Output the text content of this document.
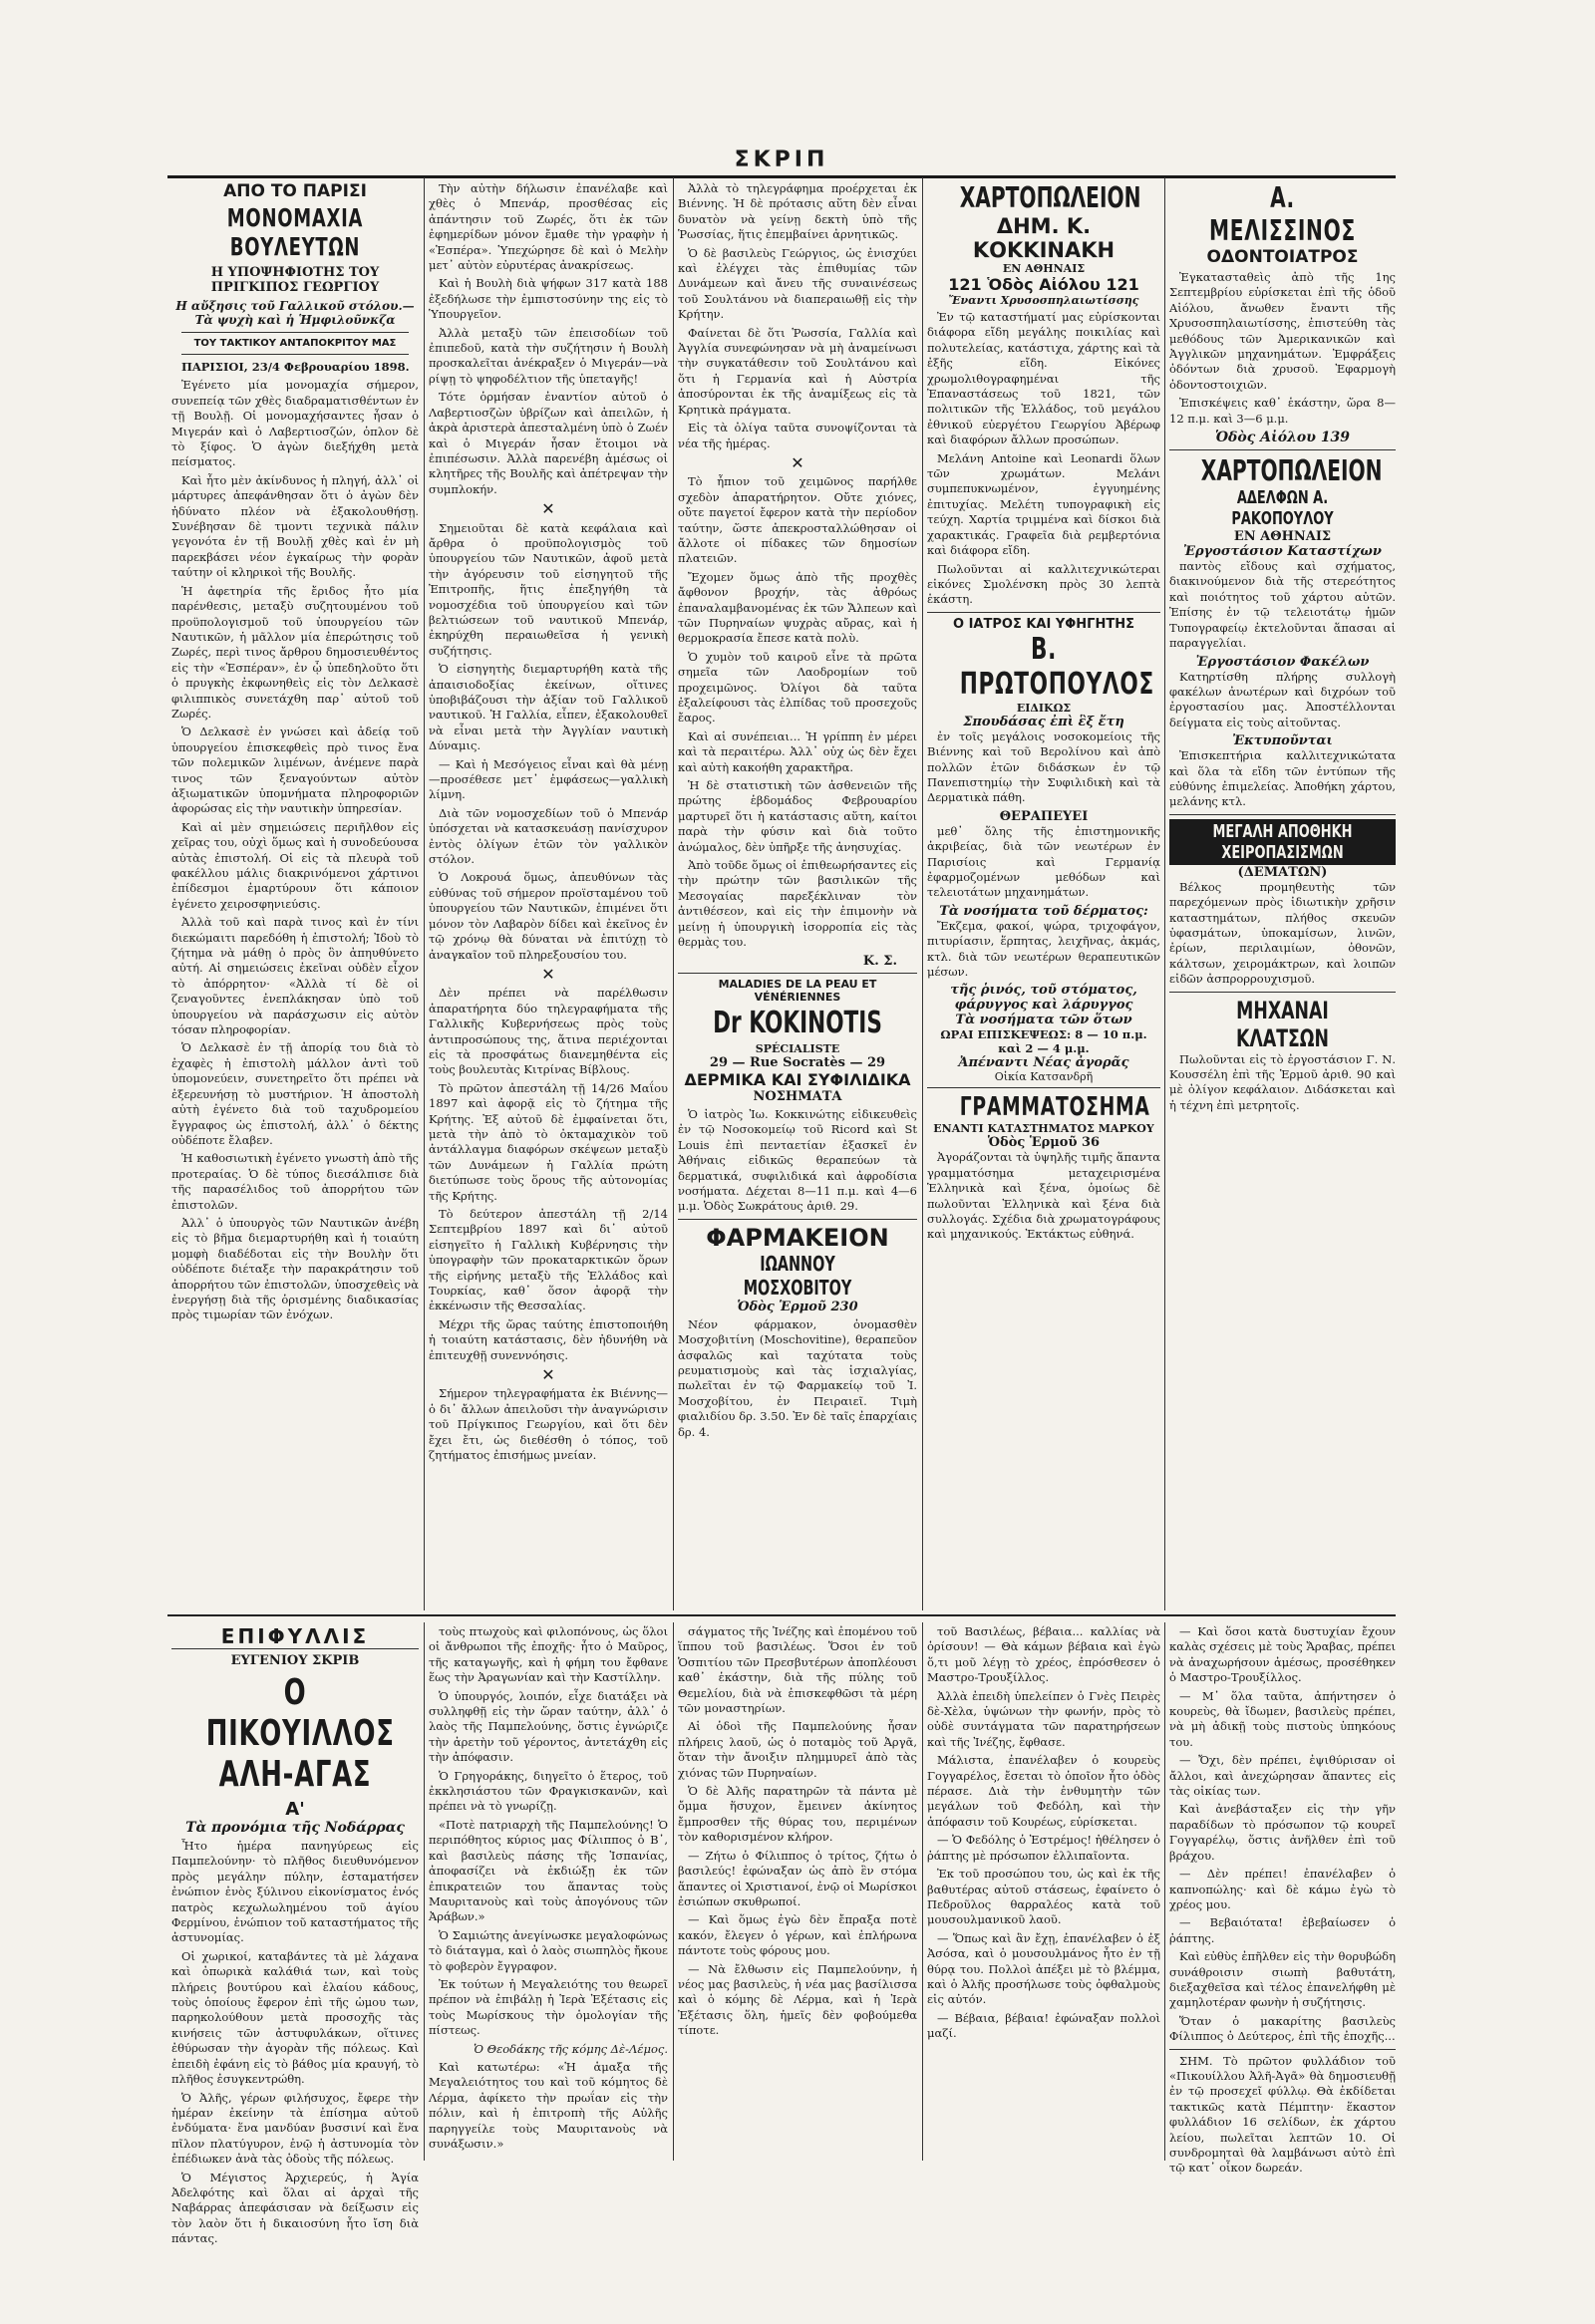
ΣΚΡΙΠ
ΑΠΟ ΤΟ ΠΑΡΙΣΙ
ΜΟΝΟΜΑΧΙΑ ΒΟΥΛΕΥΤΩΝ
Η ΥΠΟΨΗΦΙΟΤΗΣ ΤΟΥ ΠΡΙΓΚΙΠΟΣ ΓΕΩΡΓΙΟΥ
Η αὔξησις τοῦ Γαλλικοῦ στόλου.—Τὰ ψυχὴ καὶ ἡ Ἡμφιλοῦνκζα
ΤΟΥ ΤΑΚΤΙΚΟΥ ΑΝΤΑΠΟΚΡΙΤΟΥ ΜΑΣ

ΠΑΡΙΣΙΟΙ, 23/4 Φεβρουαρίου 1898.

Ἐγένετο μία μονομαχία σήμερον, συνεπείᾳ τῶν χθὲς διαδραματισθέντων ἐν τῇ Βουλῇ. Οἱ μονομαχήσαντες ἦσαν ὁ Μιγεράν καὶ ὁ Λαβερτιοσζών, ὁπλον δὲ τὸ ξίφος. Ὁ ἀγὼν διεξήχθη μετὰ πείσματος.

Καὶ ἦτο μὲν ἀκίνδυνος ἡ πληγή, ἀλλ᾽ οἱ μάρτυρες ἀπεφάνθησαν ὅτι ὁ ἀγὼν δὲν ἠδύνατο πλέον νὰ ἐξακολουθήσῃ. Συνέβησαν δὲ τμοντι τεχνικὰ πάλιν γεγονότα ἐν τῇ Βουλῇ χθὲς καὶ ἐν μὴ παρεκβάσει νέον ἐγκαίρως τὴν φορὰν ταύτην οἱ κληρικοὶ τῆς Βουλῆς.

Ἡ ἀφετηρία τῆς ἔριδος ἦτο μία παρένθεσις, μεταξὺ συζητουμένου τοῦ προϋπολογισμοῦ τοῦ ὑπουργείου τῶν Ναυτικῶν, ἡ μᾶλλον μία ἐπερώτησις τοῦ Ζωρές, περὶ τινος ἄρθρου δημοσιευθέντος εἰς τὴν «Ἑσπέραν», ἐν ᾧ ὑπεδηλοῦτο ὅτι ὁ πρυγκὴς ἐκφωνηθεὶς εἰς τὸν Δελκασὲ φιλιππικὸς συνετάχθη παρ᾽ αὐτοῦ τοῦ Ζωρές.

Ὁ Δελκασὲ ἐν γνώσει καὶ ἀδείᾳ τοῦ ὑπουργείου ἐπισκεφθεὶς πρὸ τινος ἔνα τῶν πολεμικῶν λιμένων, ἀνέμενε παρὰ τινος τῶν ξεναγούντων αὐτὸν ἀξιωματικῶν ὑπομνήματα πληροφοριῶν ἀφορώσας εἰς τὴν ναυτικὴν ὑπηρεσίαν.

Καὶ αἱ μὲν σημειώσεις περιῆλθον εἰς χεῖρας του, οὐχὶ ὅμως καὶ ἡ συνοδεύουσα αὐτὰς ἐπιστολή. Οἱ εἰς τὰ πλευρὰ τοῦ φακέλλου μάλις διακρινόμενοι χάρτινοι ἐπίδεσμοι ἐμαρτύρουν ὅτι κάποιον ἐγένετο χειροσφηνιεύσις.

Ἀλλὰ τοῦ καὶ παρὰ τινος καὶ ἐν τίνι διεκώμαιτι παρεδόθη ἡ ἐπιστολή; Ἰδοὺ τὸ ζήτημα νὰ μάθῃ ὁ πρὸς ὃν ἀπηυθύνετο αὐτή. Αἱ σημειώσεις ἐκεῖναι οὐδὲν εἶχον τὸ ἀπόρρητον· «Ἀλλὰ τί δὲ οἱ ζεναγοῦντες ἐνεπλάκησαν ὑπὸ τοῦ ὑπουργείου νὰ παράσχωσιν εἰς αὐτὸν τόσαν πληροφορίαν.

Ὁ Δελκασὲ ἐν τῇ ἀπορίᾳ του διὰ τὸ ἐχαφὲς ἡ ἐπιστολὴ μάλλον ἀντὶ τοῦ ὑπομονεύειν, συνετηρεῖτο ὅτι πρέπει νὰ ἐξερευνήσῃ τὸ μυστήριον. Ἡ ἀποστολὴ αὐτὴ ἐγένετο διὰ τοῦ ταχυδρομείου ἔγγραφος ὡς ἐπιστολή, ἀλλ᾽ ὁ δέκτης οὐδέποτε ἔλαβεν.

Ἡ καθοσιωτικὴ ἐγένετο γνωστὴ ἀπὸ τῆς προτεραίας. Ὁ δὲ τύπος διεσάλπισε διὰ τῆς παρασέλιδος τοῦ ἀπορρήτου τῶν ἐπιστολῶν.

Ἀλλ᾽ ὁ ὑπουργὸς τῶν Ναυτικῶν ἀνέβη εἰς τὸ βῆμα διεμαρτυρήθη καὶ ἡ τοιαύτη μομφὴ διαδέδοται εἰς τὴν Βουλὴν ὅτι οὐδέποτε διέταξε τὴν παρακράτησιν τοῦ ἀπορρήτου τῶν ἐπιστολῶν, ὑποσχεθεὶς νὰ ἐνεργήσῃ διὰ τῆς ὁρισμένης διαδικασίας πρὸς τιμωρίαν τῶν ἐνόχων.

Τὴν αὐτὴν δήλωσιν ἐπανέλαβε καὶ χθὲς ὁ Μπενάρ, προσθέσας εἰς ἀπάντησιν τοῦ Ζωρές, ὅτι ἐκ τῶν ἐφημερίδων μόνον ἔμαθε τὴν γραφὴν ἡ «Ἑσπέρα». Ὑπεχώρησε δὲ καὶ ὁ Μελὴν μετ᾽ αὐτὸν εὐρυτέρας ἀνακρίσεως.

Καὶ ἡ Βουλὴ διὰ ψήφων 317 κατὰ 188 ἐξεδήλωσε τὴν ἐμπιστοσύνην της εἰς τὸ Ὑπουργεῖον.

Ἀλλὰ μεταξὺ τῶν ἐπεισοδίων τοῦ ἐπιπεδοῦ, κατὰ τὴν συζήτησιν ἡ Βουλὴ προσκαλεῖται ἀνέκραξεν ὁ Μιγεράν—νὰ ρίψῃ τὸ ψηφοδέλτιον τῆς ὑπεταγῆς!

Τότε ὁρμήσαν ἐναντίον αὐτοῦ ὁ Λαβερτιοσζὼν ὑβρίζων καὶ ἀπειλῶν, ἡ ἀκρὰ ἀριστερὰ ἀπεσταλμένη ὑπὸ ὁ Ζωέν καὶ ὁ Μιγεράν ἦσαν ἕτοιμοι νὰ ἐπιπέσωσιν. Ἀλλὰ παρενέβη ἀμέσως οἱ κλητῆρες τῆς Βουλῆς καὶ ἀπέτρεψαν τὴν συμπλοκήν.

✕

Σημειοῦται δὲ κατὰ κεφάλαια καὶ ἄρθρα ὁ προϋπολογισμὸς τοῦ ὑπουργείου τῶν Ναυτικῶν, ἀφοῦ μετὰ τὴν ἀγόρευσιν τοῦ εἰσηγητοῦ τῆς Ἐπιτροπῆς, ἥτις ἐπεξηγήθη τὰ νομοσχέδια τοῦ ὑπουργείου καὶ τῶν βελτιώσεων τοῦ ναυτικοῦ Μπενάρ, ἐκηρύχθη περαιωθεῖσα ἡ γενικὴ συζήτησις.

Ὁ εἰσηγητὴς διεμαρτυρήθη κατὰ τῆς ἀπαισιοδοξίας ἐκείνων, οἵτινες ὑποβιβάζουσι τὴν ἀξίαν τοῦ Γαλλικοῦ ναυτικοῦ. Ἡ Γαλλία, εἶπεν, ἐξακολουθεῖ νὰ εἶναι μετὰ τὴν Ἀγγλίαν ναυτικὴ Δύναμις.

— Καὶ ἡ Μεσόγειος εἶναι καὶ θὰ μένῃ—προσέθεσε μετ᾽ ἐμφάσεως—γαλλικὴ λίμνη.

Διὰ τῶν νομοσχεδίων τοῦ ὁ Μπενάρ ὑπόσχεται νὰ κατασκευάσῃ πανίσχυρον ἐντὸς ὀλίγων ἐτῶν τὸν γαλλικὸν στόλον.

Ὁ Λοκρουά ὅμως, ἀπευθύνων τὰς εὐθύνας τοῦ σήμερον προϊσταμένου τοῦ ὑπουργείου τῶν Ναυτικῶν, ἐπιμένει ὅτι μόνον τὸν Λαβαρὸν δίδει καὶ ἐκεῖνος ἐν τῷ χρόνῳ θὰ δύναται νὰ ἐπιτύχῃ τὸ ἀναγκαῖον τοῦ πληρεξουσίου του.

✕

Δὲν πρέπει νὰ παρέλθωσιν ἀπαρατήρητα δύο τηλεγραφήματα τῆς Γαλλικῆς Κυβερνήσεως πρὸς τοὺς ἀντιπροσώπους της, ἅτινα περιέχονται εἰς τὰ προσφάτως διανεμηθέντα εἰς τοὺς βουλευτὰς Κιτρίνας Βίβλους.

Τὸ πρῶτον ἀπεστάλη τῇ 14/26 Μαΐου 1897 καὶ ἀφορᾷ εἰς τὸ ζήτημα τῆς Κρήτης. Ἐξ αὐτοῦ δὲ ἐμφαίνεται ὅτι, μετὰ τὴν ἀπὸ τὸ ὀκταμαχικὸν τοῦ ἀντάλλαγμα διαφόρων σκέψεων μεταξὺ τῶν Δυνάμεων ἡ Γαλλία πρώτη διετύπωσε τοὺς ὅρους τῆς αὐτονομίας τῆς Κρήτης.

Τὸ δεύτερον ἀπεστάλη τῇ 2/14 Σεπτεμβρίου 1897 καὶ δι᾽ αὐτοῦ εἰσηγεῖτο ἡ Γαλλικὴ Κυβέρνησις τὴν ὑπογραφὴν τῶν προκαταρκτικῶν ὅρων τῆς εἰρήνης μεταξὺ τῆς Ἑλλάδος καὶ Τουρκίας, καθ᾽ ὅσον ἀφορᾷ τὴν ἐκκένωσιν τῆς Θεσσαλίας.

Μέχρι τῆς ὥρας ταύτης ἐπιστοποιήθη ἡ τοιαύτη κατάστασις, δὲν ἠδυνήθη νὰ ἐπιτευχθῇ συνεννόησις.

✕

Σήμερον τηλεγραφήματα ἐκ Βιέννης—ὁ δι᾽ ἄλλων ἀπειλοῦσι τὴν ἀναγνώρισιν τοῦ Πρίγκιπος Γεωργίου, καὶ ὅτι δὲν ἔχει ἔτι, ὡς διεθέσθη ὁ τόπος, τοῦ ζητήματος ἐπισήμως μνείαν.

Ἀλλὰ τὸ τηλεγράφημα προέρχεται ἐκ Βιέννης. Ἡ δὲ πρότασις αὕτη δὲν εἶναι δυνατὸν νὰ γείνῃ δεκτὴ ὑπὸ τῆς Ῥωσσίας, ἥτις ἐπεμβαίνει ἀρνητικῶς.

Ὁ δὲ βασιλεὺς Γεώργιος, ὡς ἐνισχύει καὶ ἐλέγχει τὰς ἐπιθυμίας τῶν Δυνάμεων καὶ ἄνευ τῆς συναινέσεως τοῦ Σουλτάνου νὰ διαπεραιωθῇ εἰς τὴν Κρήτην.

Φαίνεται δὲ ὅτι Ῥωσσία, Γαλλία καὶ Ἀγγλία συνεφώνησαν νὰ μὴ ἀναμείνωσι τὴν συγκατάθεσιν τοῦ Σουλτάνου καὶ ὅτι ἡ Γερμανία καὶ ἡ Αὐστρία ἀποσύρονται ἐκ τῆς ἀναμίξεως εἰς τὰ Κρητικὰ πράγματα.

Εἰς τὰ ὀλίγα ταῦτα συνοψίζονται τὰ νέα τῆς ἡμέρας.

✕

Τὸ ἦπιον τοῦ χειμῶνος παρήλθε σχεδὸν ἀπαρατήρητον. Οὔτε χιόνες, οὔτε παγετοί ἔφερον κατὰ τὴν περίοδον ταύτην, ὥστε ἀπεκροσταλλώθησαν οἱ ἄλλοτε οἱ πίδακες τῶν δημοσίων πλατειῶν.

Ἔχομεν ὅμως ἀπὸ τῆς προχθὲς ἄφθονον βροχήν, τὰς ἀθρόως ἐπαναλαμβανομένας ἐκ τῶν Ἄλπεων καὶ τῶν Πυρηναίων ψυχρὰς αὔρας, καὶ ἡ θερμοκρασία ἔπεσε κατὰ πολὺ.

Ὁ χυμὸν τοῦ καιροῦ εἶνε τὰ πρῶτα σημεῖα τῶν Λαοδρομίων τοῦ προχειμῶνος. Ὀλίγοι δὰ ταῦτα ἐξαλείφουσι τὰς ἐλπίδας τοῦ προσεχοῦς ἔαρος.

Καὶ αἱ συνέπειαι... Ἡ γρίππη ἐν μέρει καὶ τὰ περαιτέρω. Ἀλλ᾽ οὐχ ὡς δὲν ἔχει καὶ αὐτὴ κακοήθη χαρακτῆρα.

Ἡ δὲ στατιστικὴ τῶν ἀσθενειῶν τῆς πρώτης ἑβδομάδος Φεβρουαρίου μαρτυρεῖ ὅτι ἡ κατάστασις αὕτη, καίτοι παρὰ τὴν φύσιν καὶ διὰ τοῦτο ἀνώμαλος, δὲν ὑπῆρξε τῆς ἀνησυχίας.

Ἀπὸ τοῦδε ὅμως οἱ ἐπιθεωρήσαντες εἰς τὴν πρώτην τῶν βασιλικῶν τῆς Μεσογαίας παρεξέκλιναν τὸν ἀντιθέσεον, καὶ εἰς τὴν ἐπιμονὴν νὰ μείνῃ ἡ ὑπουργικὴ ἰσορροπία εἰς τὰς θερμὰς του.

Κ. Σ.
MALADIES DE LA PEAU ET VÉNÉRIENNES
Dr KOKINOTIS
SPÉCIALISTE
29 — Rue Socratès — 29
ΔΕΡΜΙΚΑ ΚΑΙ ΣΥΦΙΛΙΔΙΚΑ
ΝΟΣΗΜΑΤΑ

Ὁ ἰατρὸς Ἰω. Κοκκινώτης εἰδικευθεὶς ἐν τῷ Νοσοκομείῳ τοῦ Ricord καὶ St Louis ἐπὶ πενταετίαν ἐξασκεῖ ἐν Ἀθήναις εἰδικῶς θεραπεύων τὰ δερματικά, συφιλιδικά καὶ ἀφροδίσια νοσήματα. Δέχεται 8—11 π.μ. καὶ 4—6 μ.μ. Ὁδὸς Σωκράτους ἀριθ. 29.

ΦΑΡΜΑΚΕΙΟΝ
ΙΩΑΝΝΟΥ ΜΟΣΧΟΒΙΤΟΥ
Ὁδὸς Ἑρμοῦ 230

Νέον φάρμακον, ὀνομασθὲν Μοσχοβιτίνη (Moschovitine), θεραπεῦον ἀσφαλῶς καὶ ταχύτατα τοὺς ρευματισμοὺς καὶ τὰς ἰσχιαλγίας, πωλεῖται ἐν τῷ Φαρμακείῳ τοῦ Ἰ. Μοσχοβίτου, ἐν Πειραιεῖ. Τιμὴ φιαλιδίου δρ. 3.50. Ἐν δὲ ταῖς ἐπαρχίαις δρ. 4.

ΧΑΡΤΟΠΩΛΕΙΟΝ
ΔΗΜ. Κ. ΚΟΚΚΙΝΑΚΗ
ΕΝ ΑΘΗΝΑΙΣ
121 Ὁδὸς Αἰόλου 121
Ἔναντι Χρυσοσπηλαιωτίσσης

Ἐν τῷ καταστήματί μας εὑρίσκονται διάφορα εἴδη μεγάλης ποικιλίας καὶ πολυτελείας, κατάστιχα, χάρτης καὶ τὰ ἐξῆς εἴδη. Εἰκόνες χρωμολιθογραφημέναι τῆς Ἐπαναστάσεως τοῦ 1821, τῶν πολιτικῶν τῆς Ἑλλάδος, τοῦ μεγάλου ἐθνικοῦ εὐεργέτου Γεωργίου Ἀβέρωφ καὶ διαφόρων ἄλλων προσώπων.

Μελάνη Antoine καὶ Leonardi ὅλων τῶν χρωμάτων. Μελάνι συμπεπυκνωμένον, ἐγγυημένης ἐπιτυχίας. Μελέτη τυπογραφικὴ εἰς τεύχη. Χαρτία τριμμένα καὶ δίσκοι διὰ χαρακτικάς. Γραφεῖα διὰ ρεμβερτόνια καὶ διάφορα εἴδη.

Πωλοῦνται αἱ καλλιτεχνικώτεραι εἰκόνες Σμολένσκη πρὸς 30 λεπτὰ ἑκάστη.

Ο ΙΑΤΡΟΣ ΚΑΙ ΥΦΗΓΗΤΗΣ
Β. ΠΡΩΤΟΠΟΥΛΟΣ
ΕΙΔΙΚΩΣ
Σπουδάσας ἐπὶ ἓξ ἔτη

ἐν τοῖς μεγάλοις νοσοκομείοις τῆς Βιέννης καὶ τοῦ Βερολίνου καὶ ἀπὸ πολλῶν ἐτῶν διδάσκων ἐν τῷ Πανεπιστημίῳ τὴν Συφιλιδικὴ καὶ τὰ Δερματικὰ πάθη.

ΘΕΡΑΠΕΥΕΙ

μεθ᾽ ὅλης τῆς ἐπιστημονικῆς ἀκριβείας, διὰ τῶν νεωτέρων ἐν Παρισίοις καὶ Γερμανίᾳ ἐφαρμοζομένων μεθόδων καὶ τελειοτάτων μηχανημάτων.

Τὰ νοσήματα τοῦ δέρματος:

Ἔκζεμα, φακοί, ψώρα, τριχοφάγον, πιτυρίασιν, ἕρπητας, λειχῆνας, ἀκμάς, κτλ. διὰ τῶν νεωτέρων θεραπευτικῶν μέσων.

τῆς ῥινός, τοῦ στόματος, φάρυγγος καὶ λάρυγγος
Τὰ νοσήματα τῶν ὅτων
ΩΡΑΙ ΕΠΙΣΚΕΨΕΩΣ: 8 — 10 π.μ. καὶ 2 — 4 μ.μ.
Ἀπέναντι Νέας ἀγορᾶς
Οἰκία Κατσανδρῆ
ΓΡΑΜΜΑΤΟΣΗΜΑ
ΕΝΑΝΤΙ ΚΑΤΑΣΤΗΜΑΤΟΣ ΜΑΡΚΟΥ
Ὁδὸς Ἑρμοῦ 36

Ἀγοράζονται τὰ ὑψηλῆς τιμῆς ἅπαντα γραμματόσημα μεταχειρισμένα Ἑλληνικὰ καὶ ξένα, ὁμοίως δὲ πωλοῦνται Ἑλληνικὰ καὶ ξένα διὰ συλλογάς. Σχέδια διὰ χρωματογράφους καὶ μηχανικούς. Ἐκτάκτως εὐθηνά.

Α. ΜΕΛΙΣΣΙΝΟΣ
ΟΔΟΝΤΟΙΑΤΡΟΣ

Ἐγκατασταθεὶς ἀπὸ τῆς 1ης Σεπτεμβρίου εὑρίσκεται ἐπὶ τῆς ὁδοῦ Αἰόλου, ἄνωθεν ἔναντι τῆς Χρυσοσπηλαιωτίσσης, ἐπιστεύθη τὰς μεθόδους τῶν Ἀμερικανικῶν καὶ Ἀγγλικῶν μηχανημάτων. Ἐμφράξεις ὀδόντων διὰ χρυσοῦ. Ἐφαρμογὴ ὀδοντοστοιχιῶν.

Ἐπισκέψεις καθ᾽ ἑκάστην, ὥρα 8—12 π.μ. καὶ 3—6 μ.μ.

Ὁδὸς Αἰόλου 139
ΧΑΡΤΟΠΩΛΕΙΟΝ
ΑΔΕΛΦΩΝ Α. ΡΑΚΟΠΟΥΛΟΥ
ΕΝ ΑΘΗΝΑΙΣ
Ἐργοστάσιον Καταστίχων

παντὸς εἴδους καὶ σχήματος, διακινούμενον διὰ τῆς στερεότητος καὶ ποιότητος τοῦ χάρτου αὐτῶν. Ἐπίσης ἐν τῷ τελειοτάτῳ ἡμῶν Τυπογραφείῳ ἐκτελοῦνται ἅπασαι αἱ παραγγελίαι.

Ἐργοστάσιον Φακέλων

Κατηρτίσθη πλήρης συλλογὴ φακέλων ἀνωτέρων καὶ διχρόων τοῦ ἐργοστασίου μας. Ἀποστέλλονται δείγματα εἰς τοὺς αἰτοῦντας.

Ἐκτυποῦνται

Ἐπισκεπτήρια καλλιτεχνικώτατα καὶ ὅλα τὰ εἴδη τῶν ἐντύπων τῆς εὐθύνης ἐπιμελείας. Ἀποθήκη χάρτου, μελάνης κτλ.

ΜΕΓΑΛΗ ΑΠΟΘΗΚΗ ΧΕΙΡΟΠΑΣΙΣΜΩΝ
(ΔΕΜΑΤΩΝ)

Βέλκος προμηθευτὴς τῶν παρεχόμενων πρὸς ἰδιωτικὴν χρῆσιν καταστημάτων, πλήθος σκευῶν ὑφασμάτων, ὑποκαμίσων, λινῶν, ἐρίων, περιλαιμίων, ὀθονῶν, κάλτσων, χειρομάκτρων, καὶ λοιπῶν εἰδῶν ἀσπρορρουχισμοῦ.

ΜΗΧΑΝΑΙ ΚΛΑΤΣΩΝ

Πωλοῦνται εἰς τὸ ἐργοστάσιον Γ. Ν. Κουσσέλη ἐπὶ τῆς Ἑρμοῦ ἀριθ. 90 καὶ μὲ ὀλίγον κεφάλαιον. Διδάσκεται καὶ ἡ τέχνη ἐπὶ μετρητοῖς.

ΕΠΙΦΥΛΛΙΣ
ΕΥΓΕΝΙΟΥ ΣΚΡΙΒ
Ο ΠΙΚΟΥΙΛΛΟΣ ΑΛΗ-ΑΓΑΣ
Α'
Τὰ προνόμια τῆς Νοδάρρας

Ἦτο ἡμέρα πανηγύρεως εἰς Παμπελούνην· τὸ πλῆθος διευθυνόμενον πρὸς μεγάλην πύλην, ἐσταματήσεν ἐνώπιον ἐνὸς ξύλινου εἰκονίσματος ἑνός πατρὸς κεχωλωλημένου τοῦ ἁγίου Φερμίνου, ἐνώπιον τοῦ καταστήματος τῆς ἀστυνομίας.

Οἱ χωρικοί, καταβάντες τὰ μὲ λάχανα καὶ ὀπωρικὰ καλάθιά των, καὶ τοὺς πλήρεις βουτύρου καὶ ἐλαίου κάδους, τοὺς ὁποίους ἔφερον ἐπὶ τῆς ὠμου των, παρηκολούθουν μετὰ προσοχῆς τὰς κινήσεις τῶν ἀστυφυλάκων, οἵτινες ἐθύρωσαν τὴν ἀγορὰν τῆς πόλεως. Καὶ ἐπειδὴ ἐφάνη εἰς τὸ βάθος μία κραυγή, τὸ πλῆθος ἐσυγκεντρώθη.

Ὁ Ἀλῆς, γέρων φιλήσυχος, ἔφερε τὴν ἡμέραν ἐκείνην τὰ ἐπίσημα αὐτοῦ ἐνδύματα· ἕνα μανδύαν βυσσινί καὶ ἕνα πῖλον πλατύγυρον, ἐνῷ ἡ ἀστυνομία τὸν ἐπέδιωκεν ἀνὰ τὰς ὁδοὺς τῆς πόλεως.

Ὁ Μέγιστος Ἀρχιερεύς, ἡ Ἁγία Ἀδελφότης καὶ ὅλαι αἱ ἀρχαὶ τῆς Ναβάρρας ἀπεφάσισαν νὰ δείξωσιν εἰς τὸν λαὸν ὅτι ἡ δικαιοσύνη ἦτο ἴση διὰ πάντας.

τοὺς πτωχοὺς καὶ φιλοπόνους, ὡς ὅλοι οἱ ἄνθρωποι τῆς ἐποχῆς· ἦτο ὁ Μαῦρος, τῆς καταγωγῆς, καὶ ἡ φήμη του ἔφθανε ἕως τὴν Ἀραγωνίαν καὶ τὴν Καστίλλην.

Ὁ ὑπουργός, λοιπόν, εἶχε διατάξει νὰ συλληφθῇ εἰς τὴν ὥραν ταύτην, ἀλλ᾽ ὁ λαὸς τῆς Παμπελούνης, ὅστις ἐγνώριζε τὴν ἀρετὴν τοῦ γέροντος, ἀντετάχθη εἰς τὴν ἀπόφασιν.

Ὁ Γρηγοράκης, διηγεῖτο ὁ ἕτερος, τοῦ ἐκκλησιάστου τῶν Φραγκισκανῶν, καὶ πρέπει νὰ τὸ γνωρίζῃ.

«Ποτὲ πατριαρχὴ τῆς Παμπελούνης! Ὁ περιπόθητος κύριος μας Φίλιππος ὁ Β᾽, καὶ βασιλεὺς πάσης τῆς Ἱσπανίας, ἀποφασίζει νὰ ἐκδιώξῃ ἐκ τῶν ἐπικρατειῶν του ἅπαντας τοὺς Μαυριτανοὺς καὶ τοὺς ἀπογόνους τῶν Ἀράβων.»

Ὁ Σαμιώτης ἀνεγίνωσκε μεγαλοφώνως τὸ διάταγμα, καὶ ὁ λαὸς σιωπηλὸς ἤκουε τὸ φοβερὸν ἔγγραφον.

Ἐκ τούτων ἡ Μεγαλειότης του θεωρεῖ πρέπον νὰ ἐπιβάλῃ ἡ Ἱερὰ Ἐξέτασις εἰς τοὺς Μωρίσκους τὴν ὁμολογίαν τῆς πίστεως.

Ὁ Θεοδάκης τῆς κόμης Δὲ-Λέμος.

Καὶ κατωτέρω: «Ἡ ἁμαξα τῆς Μεγαλειότητος του καὶ τοῦ κόμητος δὲ Λέρμα, ἀφίκετο τὴν πρωΐαν εἰς τὴν πόλιν, καὶ ἡ ἐπιτροπὴ τῆς Αὐλῆς παρηγγείλε τοὺς Μαυριτανοὺς νὰ συνάξωσιν.»

σάγματος τῆς Ἰνέζης καὶ ἐπομένου τοῦ ἵππου τοῦ βασιλέως. Ὅσοι ἐν τοῦ Ὁσπιτίου τῶν Πρεσβυτέρων ἀποπλέουσι καθ᾽ ἑκάστην, διὰ τῆς πύλης τοῦ Θεμελίου, διὰ νὰ ἐπισκεφθῶσι τὰ μέρη τῶν μοναστηρίων.

Αἱ ὁδοὶ τῆς Παμπελούνης ἦσαν πλήρεις λαοῦ, ὡς ὁ ποταμὸς τοῦ Ἀργᾶ, ὅταν τὴν ἄνοιξιν πλημμυρεῖ ἀπὸ τὰς χιόνας τῶν Πυρηναίων.

Ὁ δὲ Ἀλῆς παρατηρῶν τὰ πάντα μὲ ὄμμα ἥσυχον, ἔμεινεν ἀκίνητος ἔμπροσθεν τῆς θύρας του, περιμένων τὸν καθορισμένον κλήρον.

— Ζήτω ὁ Φίλιππος ὁ τρίτος, ζήτω ὁ βασιλεύς! ἐφώναξαν ὡς ἀπὸ ἓν στόμα ἅπαντες οἱ Χριστιανοί, ἐνῷ οἱ Μωρίσκοι ἐσιώπων σκυθρωποί.

— Καὶ ὅμως ἐγὼ δὲν ἔπραξα ποτὲ κακόν, ἔλεγεν ὁ γέρων, καὶ ἐπλήρωνα πάντοτε τοὺς φόρους μου.

— Νὰ ἔλθωσιν εἰς Παμπελούνην, ἡ νέος μας βασιλεὺς, ἡ νέα μας βασίλισσα καὶ ὁ κόμης δὲ Λέρμα, καὶ ἡ Ἱερὰ Ἐξέτασις ὅλη, ἡμεῖς δὲν φοβούμεθα τίποτε.

τοῦ Βασιλέως, βέβαια... καλλίας νὰ ὁρίσουν! — Θὰ κάμων βέβαια καὶ ἐγὼ ὅ,τι μοῦ λέγῃ τὸ χρέος, ἐπρόσθεσεν ὁ Μαστρο-Τρουξίλλος.

Ἀλλὰ ἐπειδὴ ὑπελείπεν ὁ Γνὲς Πειρὲς δὲ-Χὲλα, ὑψώνων τὴν φωνήν, πρὸς τὸ οὐδὲ συντάγματα τῶν παρατηρήσεων καὶ τῆς Ἰνέζης, ἔφθασε.

Μάλιστα, ἐπανέλαβεν ὁ κουρεὺς Γογγαρέλος, ἔσεται τὸ ὁποῖον ἦτο ὁδὸς πέρασε. Διὰ τὴν ἐνθυμητὴν τῶν μεγάλων τοῦ Φεδόλη, καὶ τὴν ἀπόφασιν τοῦ Κουρέως, εὐρίσκεται.

— Ὁ Φεδόλης ὁ Ἐστρέμος! ἠθέλησεν ὁ ῥάπτης μὲ πρόσωπον ἐλλιπαῖοντα.

Ἐκ τοῦ προσώπου του, ὡς καὶ ἐκ τῆς βαθυτέρας αὐτοῦ στάσεως, ἐφαίνετο ὁ Πεδροῦλος θαρραλέος κατὰ τοῦ μουσουλμανικοῦ λαοῦ.

— Ὅπως καὶ ἂν ἔχῃ, ἐπανέλαβεν ὁ ἐξ Ἀσόσα, καὶ ὁ μουσουλμάνος ἦτο ἐν τῇ θύρᾳ του. Πολλοὶ ἀπέξει μὲ τὸ βλέμμα, καὶ ὁ Ἀλῆς προσήλωσε τοὺς ὀφθαλμοὺς εἰς αὐτόν.

— Βέβαια, βέβαια! ἐφώναξαν πολλοὶ μαζί.

— Καὶ ὅσοι κατὰ δυστυχίαν ἔχουν καλὰς σχέσεις μὲ τοὺς Ἄραβας, πρέπει νὰ ἀναχωρήσουν ἀμέσως, προσέθηκεν ὁ Μαστρο-Τρουξίλλος.

— Μ᾽ ὅλα ταῦτα, ἀπήντησεν ὁ κουρεὺς, θὰ ἴδωμεν, βασιλεὺς πρέπει, νὰ μὴ ἀδικῇ τοὺς πιστοὺς ὑπηκόους του.

— Ὄχι, δὲν πρέπει, ἐψιθύρισαν οἱ ἄλλοι, καὶ ἀνεχώρησαν ἅπαντες εἰς τὰς οἰκίας των.

Καὶ ἀνεβάσταξεν εἰς τὴν γῆν παραδίδων τὸ πρόσωπον τῷ κουρεῖ Γογγαρέλῳ, ὅστις ἀνῆλθεν ἐπὶ τοῦ βράχου.

— Δὲν πρέπει! ἐπανέλαβεν ὁ καπνοπώλης· καὶ δὲ κάμω ἐγὼ τὸ χρέος μου.

— Βεβαιότατα! ἐβεβαίωσεν ὁ ῥάπτης.

Καὶ εὐθὺς ἐπῆλθεν εἰς τὴν θορυβώδη συνάθροισιν σιωπὴ βαθυτάτη, διεξαχθεῖσα καὶ τέλος ἐπανελήφθη μὲ χαμηλοτέραν φωνὴν ἡ συζήτησις.

Ὅταν ὁ μακαρίτης βασιλεὺς Φίλιππος ὁ Δεύτερος, ἐπὶ τῆς ἐποχῆς...

ΣΗΜ. Τὸ πρῶτον φυλλάδιον τοῦ «Πικουίλλου Ἀλῆ-Ἀγᾶ» θὰ δημοσιευθῇ ἐν τῷ προσεχεῖ φύλλῳ. Θὰ ἐκδίδεται τακτικῶς κατὰ Πέμπτην· ἕκαστον φυλλάδιον 16 σελίδων, ἐκ χάρτου λείου, πωλεῖται λεπτῶν 10. Οἱ συνδρομηταὶ θὰ λαμβάνωσι αὐτὸ ἐπὶ τῷ κατ᾽ οἶκον δωρεάν.
